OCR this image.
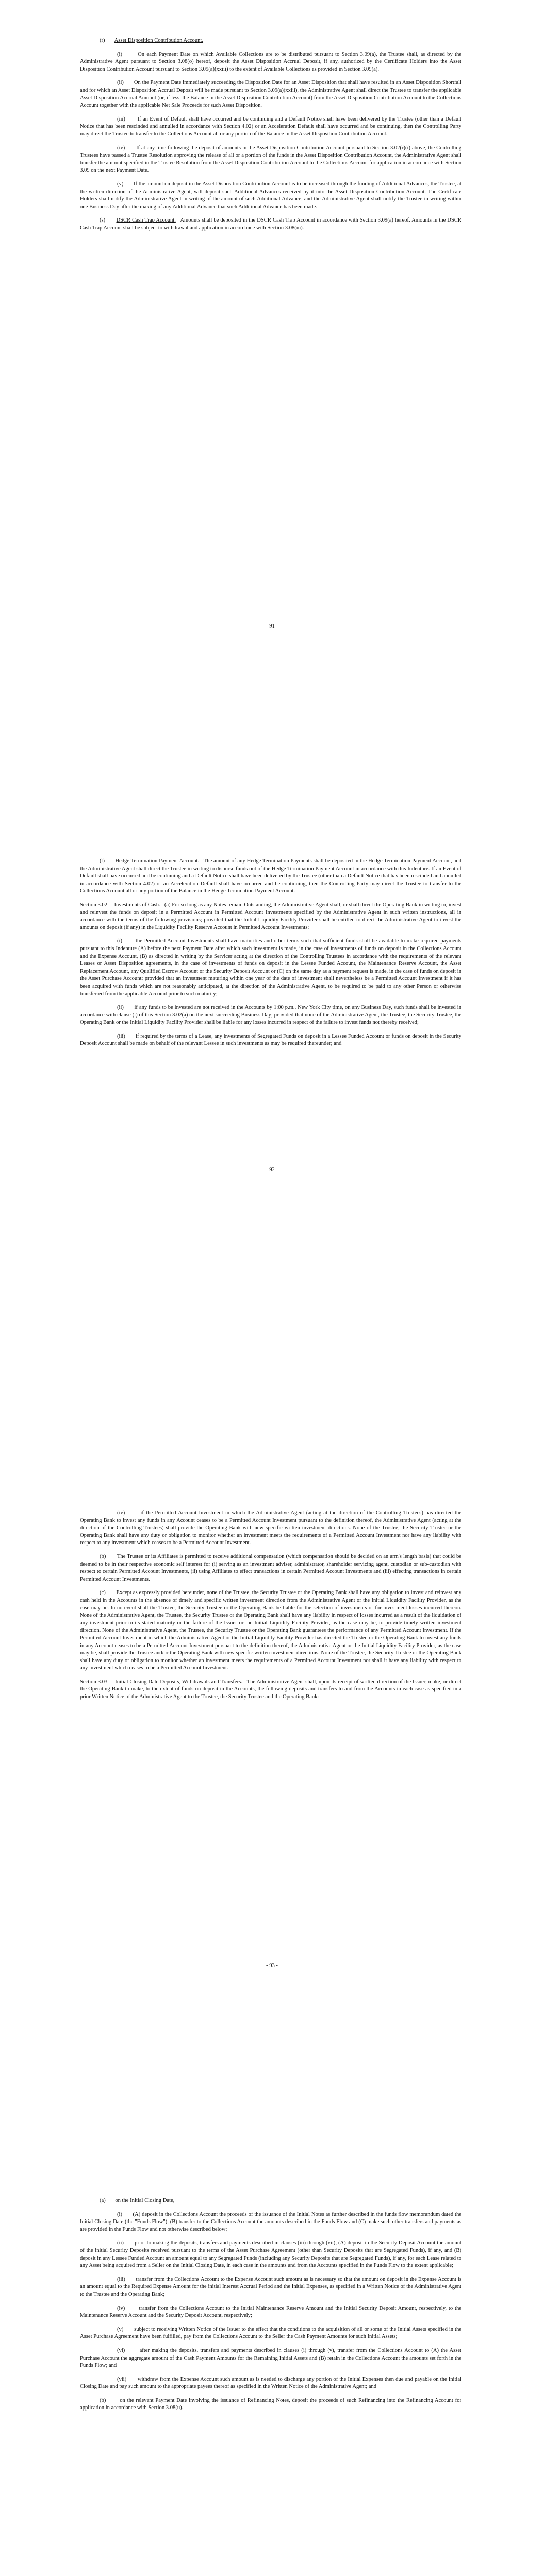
(r) Asset Disposition Contribution Account.

(i)	On each Payment Date on which Available Collections are to be distributed pursuant to Section 3.09(a), the Trustee shall, as directed by the Administrative Agent pursuant to Section 3.08(o) hereof, deposit the Asset Disposition Accrual Deposit, if any, authorized by the Certificate Holders into the Asset Disposition Contribution Account pursuant to Section 3.09(a)(xxiii) to the extent of Available Collections as provided in Section 3.09(a).

(ii) On the Payment Date immediately succeeding the Disposition Date for an Asset Disposition that shall have resulted in an Asset Disposition Shortfall and for which an Asset Disposition Accrual Deposit will be made pursuant to Section 3.09(a)(xxiii), the Administrative Agent shall direct the Trustee to transfer the applicable Asset Disposition Accrual Amount (or, if less, the Balance in the Asset Disposition Contribution Account) from the Asset Disposition Contribution Account to the Collections Account together with the applicable Net Sale Proceeds for such Asset Disposition.

(iii) If an Event of Default shall have occurred and be continuing and a Default Notice shall have been delivered by the Trustee (other than a Default Notice that has been rescinded and annulled in accordance with Section 4.02) or an Acceleration Default shall have occurred and be continuing, then the Controlling Party may direct the Trustee to transfer to the Collections Account all or any portion of the Balance in the Asset Disposition Contribution Account.

(iv) If at any time following the deposit of amounts in the Asset Disposition Contribution Account pursuant to Section 3.02(r)(i) above, the Controlling Trustees have passed a Trustee Resolution approving the release of all or a portion of the funds in the Asset Disposition Contribution Account, the Administrative Agent shall transfer the amount specified in the Trustee Resolution from the Asset Disposition Contribution Account to the Collections Account for application in accordance with Section 3.09 on the next Payment Date.

(v) If the amount on deposit in the Asset Disposition Contribution Account is to be increased through the funding of Additional Advances, the Trustee, at the written direction of the Administrative Agent, will deposit such Additional Advances received by it into the Asset Disposition Contribution Account. The Certificate Holders shall notify the Administrative Agent in writing of the amount of such Additional Advance, and the Administrative Agent shall notify the Trustee in writing within one Business Day after the making of any Additional Advance that such Additional Advance has been made.

(s) DSCR Cash Trap Account. Amounts shall be deposited in the DSCR Cash Trap Account in accordance with Section 3.09(a) hereof. Amounts in the DSCR Cash Trap Account shall be subject to withdrawal and application in accordance with Section 3.08(m).

- 91 -

(t) Hedge Termination Payment Account. The amount of any Hedge Termination Payments shall be deposited in the Hedge Termination Payment Account, and the Administrative Agent shall direct the Trustee in writing to disburse funds out of the Hedge Termination Payment Account in accordance with this Indenture. If an Event of Default shall have occurred and be continuing and a Default Notice shall have been delivered by the Trustee (other than a Default Notice that has been rescinded and annulled in accordance with Section 4.02) or an Acceleration Default shall have occurred and be continuing, then the Controlling Party may direct the Trustee to transfer to the Collections Account all or any portion of the Balance in the Hedge Termination Payment Account.

Section 3.02 Investments of Cash. (a) For so long as any Notes remain Outstanding, the Administrative Agent shall, or shall direct the Operating Bank in writing to, invest and reinvest the funds on deposit in a Permitted Account in Permitted Account Investments specified by the Administrative Agent in such written instructions, all in accordance with the terms of the following provisions; provided that the Initial Liquidity Facility Provider shall be entitled to direct the Administrative Agent to invest the amounts on deposit (if any) in the Liquidity Facility Reserve Account in Permitted Account Investments:

(i) the Permitted Account Investments shall have maturities and other terms such that sufficient funds shall be available to make required payments pursuant to this Indenture (A) before the next Payment Date after which such investment is made, in the case of investments of funds on deposit in the Collections Account and the Expense Account, (B) as directed in writing by the Servicer acting at the direction of the Controlling Trustees in accordance with the requirements of the relevant Leases or Asset Disposition agreements, in the case of investments of funds on deposit in the Lessee Funded Account, the Maintenance Reserve Account, the Asset Replacement Account, any Qualified Escrow Account or the Security Deposit Account or (C) on the same day as a payment request is made, in the case of funds on deposit in the Asset Purchase Account; provided that an investment maturing within one year of the date of investment shall nevertheless be a Permitted Account Investment if it has been acquired with funds which are not reasonably anticipated, at the direction of the Administrative Agent, to be required to be paid to any other Person or otherwise transferred from the applicable Account prior to such maturity;

(ii) if any funds to be invested are not received in the Accounts by 1:00 p.m., New York City time, on any Business Day, such funds shall be invested in accordance with clause (i) of this Section 3.02(a) on the next succeeding Business Day; provided that none of the Administrative Agent, the Trustee, the Security Trustee, the Operating Bank or the Initial Liquidity Facility Provider shall be liable for any losses incurred in respect of the failure to invest funds not thereby received;

(iii) if required by the terms of a Lease, any investments of Segregated Funds on deposit in a Lessee Funded Account or funds on deposit in the Security Deposit Account shall be made on behalf of the relevant Lessee in such investments as may be required thereunder; and

- 92 -

(iv)	if the Permitted Account Investment in which the Administrative Agent (acting at the direction of the Controlling Trustees) has directed the Operating Bank to invest any funds in any Account ceases to be a Permitted Account Investment pursuant to the definition thereof, the Administrative Agent (acting at the direction of the Controlling Trustees) shall provide the Operating Bank with new specific written investment directions. None of the Trustee, the Security Trustee or the Operating Bank shall have any duty or obligation to monitor whether an investment meets the requirements of a Permitted Account Investment nor have any liability with respect to any investment which ceases to be a Permitted Account Investment.

(b) The Trustee or its Affiliates is permitted to receive additional compensation (which compensation should be decided on an arm's length basis) that could be deemed to be in their respective economic self interest for (i) serving as an investment adviser, administrator, shareholder servicing agent, custodian or sub-custodian with respect to certain Permitted Account Investments, (ii) using Affiliates to effect transactions in certain Permitted Account Investments and (iii) effecting transactions in certain Permitted Account Investments.

(c) Except as expressly provided hereunder, none of the Trustee, the Security Trustee or the Operating Bank shall have any obligation to invest and reinvest any cash held in the Accounts in the absence of timely and specific written investment direction from the Administrative Agent or the Initial Liquidity Facility Provider, as the case may be. In no event shall the Trustee, the Security Trustee or the Operating Bank be liable for the selection of investments or for investment losses incurred thereon. None of the Administrative Agent, the Trustee, the Security Trustee or the Operating Bank shall have any liability in respect of losses incurred as a result of the liquidation of any investment prior to its stated maturity or the failure of the Issuer or the Initial Liquidity Facility Provider, as the case may be, to provide timely written investment direction. None of the Administrative Agent, the Trustee, the Security Trustee or the Operating Bank guarantees the performance of any Permitted Account Investment. If the Permitted Account Investment in which the Administrative Agent or the Initial Liquidity Facility Provider has directed the Trustee or the Operating Bank to invest any funds in any Account ceases to be a Permitted Account Investment pursuant to the definition thereof, the Administrative Agent or the Initial Liquidity Facility Provider, as the case may be, shall provide the Trustee and/or the Operating Bank with new specific written investment directions. None of the Trustee, the Security Trustee or the Operating Bank shall have any duty or obligation to monitor whether an investment meets the requirements of a Permitted Account Investment nor shall it have any liability with respect to any investment which ceases to be a Permitted Account Investment.

Section 3.03 Initial Closing Date Deposits, Withdrawals and Transfers. The Administrative Agent shall, upon its receipt of written direction of the Issuer, make, or direct the Operating Bank to make, to the extent of funds on deposit in the Accounts, the following deposits and transfers to and from the Accounts in each case as specified in a prior Written Notice of the Administrative Agent to the Trustee, the Security Trustee and the Operating Bank:

- 93 -

(a) on the Initial Closing Date,

(i) (A) deposit in the Collections Account the proceeds of the issuance of the Initial Notes as further described in the funds flow memorandum dated the Initial Closing Date (the "Funds Flow"), (B) transfer to the Collections Account the amounts described in the Funds Flow and (C) make such other transfers and payments as are provided in the Funds Flow and not otherwise described below;

(ii) prior to making the deposits, transfers and payments described in clauses (iii) through (vii), (A) deposit in the Security Deposit Account the amount of the initial Security Deposits received pursuant to the terms of the Asset Purchase Agreement (other than Security Deposits that are Segregated Funds), if any, and (B) deposit in any Lessee Funded Account an amount equal to any Segregated Funds (including any Security Deposits that are Segregated Funds), if any, for each Lease related to any Asset being acquired from a Seller on the Initial Closing Date, in each case in the amounts and from the Accounts specified in the Funds Flow to the extent applicable;

(iii) transfer from the Collections Account to the Expense Account such amount as is necessary so that the amount on deposit in the Expense Account is an amount equal to the Required Expense Amount for the initial Interest Accrual Period and the Initial Expenses, as specified in a Written Notice of the Administrative Agent to the Trustee and the Operating Bank;

(iv)	transfer from the Collections Account to the Initial Maintenance Reserve Amount and the Initial Security Deposit Amount, respectively, to the Maintenance Reserve Account and the Security Deposit Account, respectively;

(v) subject to receiving Written Notice of the Issuer to the effect that the conditions to the acquisition of all or some of the Initial Assets specified in the Asset Purchase Agreement have been fulfilled, pay from the Collections Account to the Seller the Cash Payment Amounts for such Initial Assets;

(vi)	after making the deposits, transfers and payments described in clauses (i) through (v), transfer from the Collections Account to (A) the Asset Purchase Account the aggregate amount of the Cash Payment Amounts for the Remaining Initial Assets and (B) retain in the Collections Account the amounts set forth in the Funds Flow; and

(vii) withdraw from the Expense Account such amount as is needed to discharge any portion of the Initial Expenses then due and payable on the Initial Closing Date and pay such amount to the appropriate payees thereof as specified in the Written Notice of the Administrative Agent; and

(b)	on the relevant Payment Date involving the issuance of Refinancing Notes, deposit the proceeds of such Refinancing into the Refinancing Account for application in accordance with Section 3.08(u).
